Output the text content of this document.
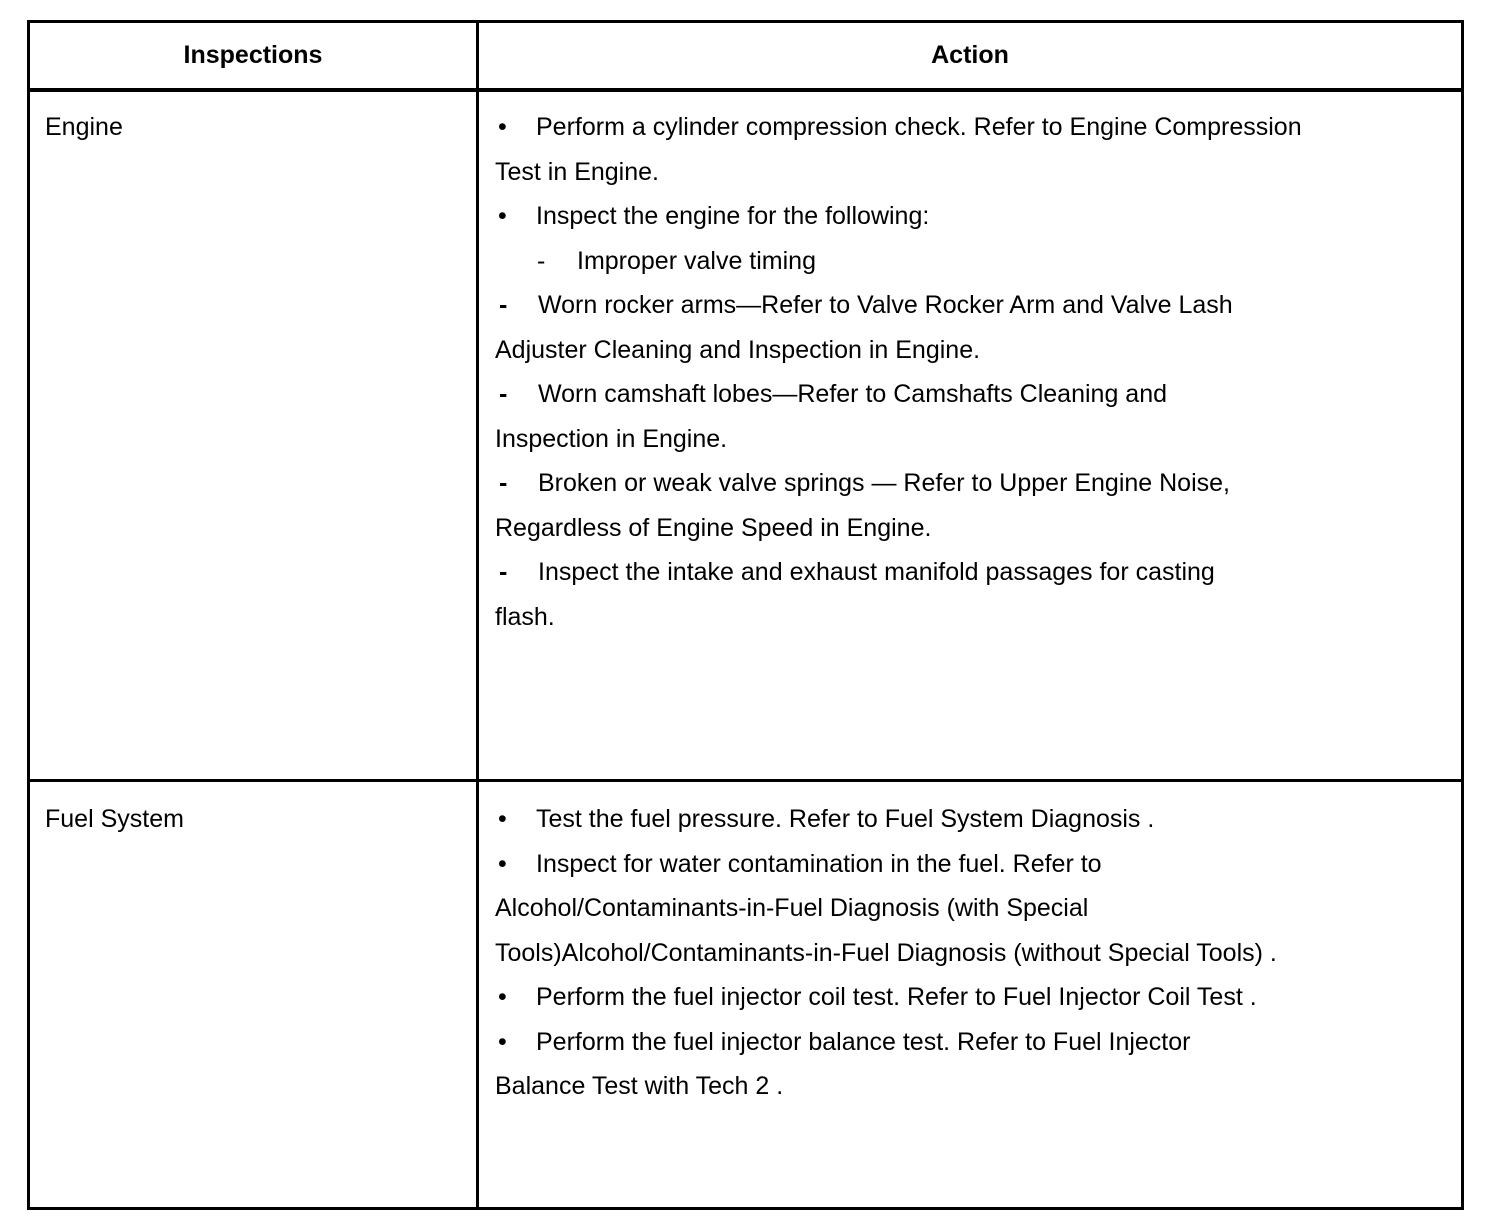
Inspections	Action
Engine	• Perform a cylinder compression check. Refer to Engine Compression
Test in Engine.
• Inspect the engine for the following:
- Improper valve timing
- Worn rocker arms—Refer to Valve Rocker Arm and Valve Lash
Adjuster Cleaning and Inspection in Engine.
- Worn camshaft lobes—Refer to Camshafts Cleaning and
Inspection in Engine.
- Broken or weak valve springs — Refer to Upper Engine Noise,
Regardless of Engine Speed in Engine.
- Inspect the intake and exhaust manifold passages for casting
flash.
Fuel System	• Test the fuel pressure. Refer to Fuel System Diagnosis .
• Inspect for water contamination in the fuel. Refer to
Alcohol/Contaminants-in-Fuel Diagnosis (with Special
Tools)Alcohol/Contaminants-in-Fuel Diagnosis (without Special Tools) .
• Perform the fuel injector coil test. Refer to Fuel Injector Coil Test .
• Perform the fuel injector balance test. Refer to Fuel Injector
Balance Test with Tech 2 .
